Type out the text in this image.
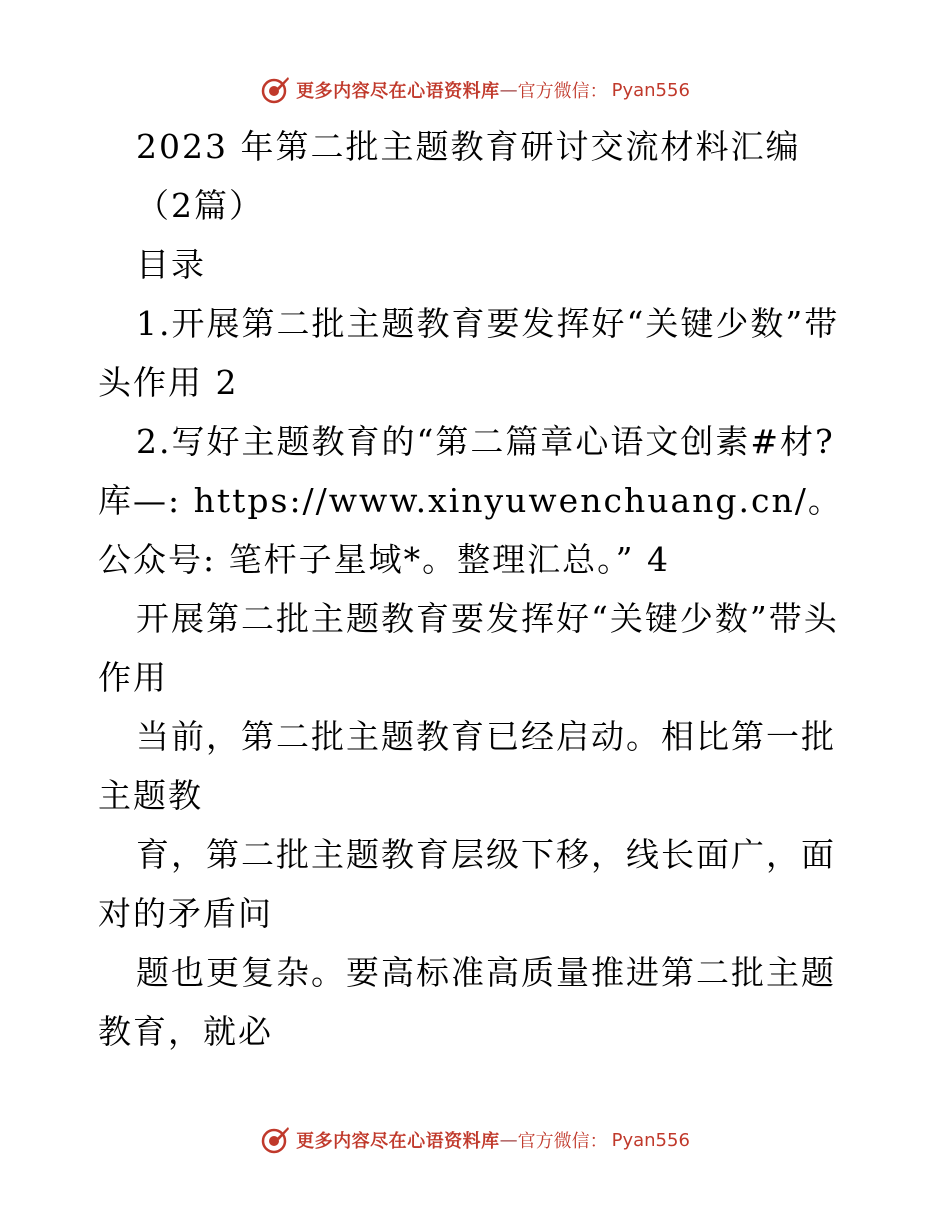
更多内容尽在心语资料库 — 官方微信： Pyan556

2023 年第二批主题教育研讨交流材料汇编

（2篇）

目录

1.开展第二批主题教育要发挥好“关键少数”带头作用 2

2.写好主题教育的“第二篇章心语文创素#材?库—: https://www.xinyuwenchuang.cn/。公众号: 笔杆子星域*。整理汇总。” 4

开展第二批主题教育要发挥好“关键少数”带头作用

当前，第二批主题教育已经启动。相比第一批主题教

育，第二批主题教育层级下移，线长面广，面对的矛盾问

题也更复杂。要高标准高质量推进第二批主题教育，就必

更多内容尽在心语资料库 — 官方微信： Pyan556
